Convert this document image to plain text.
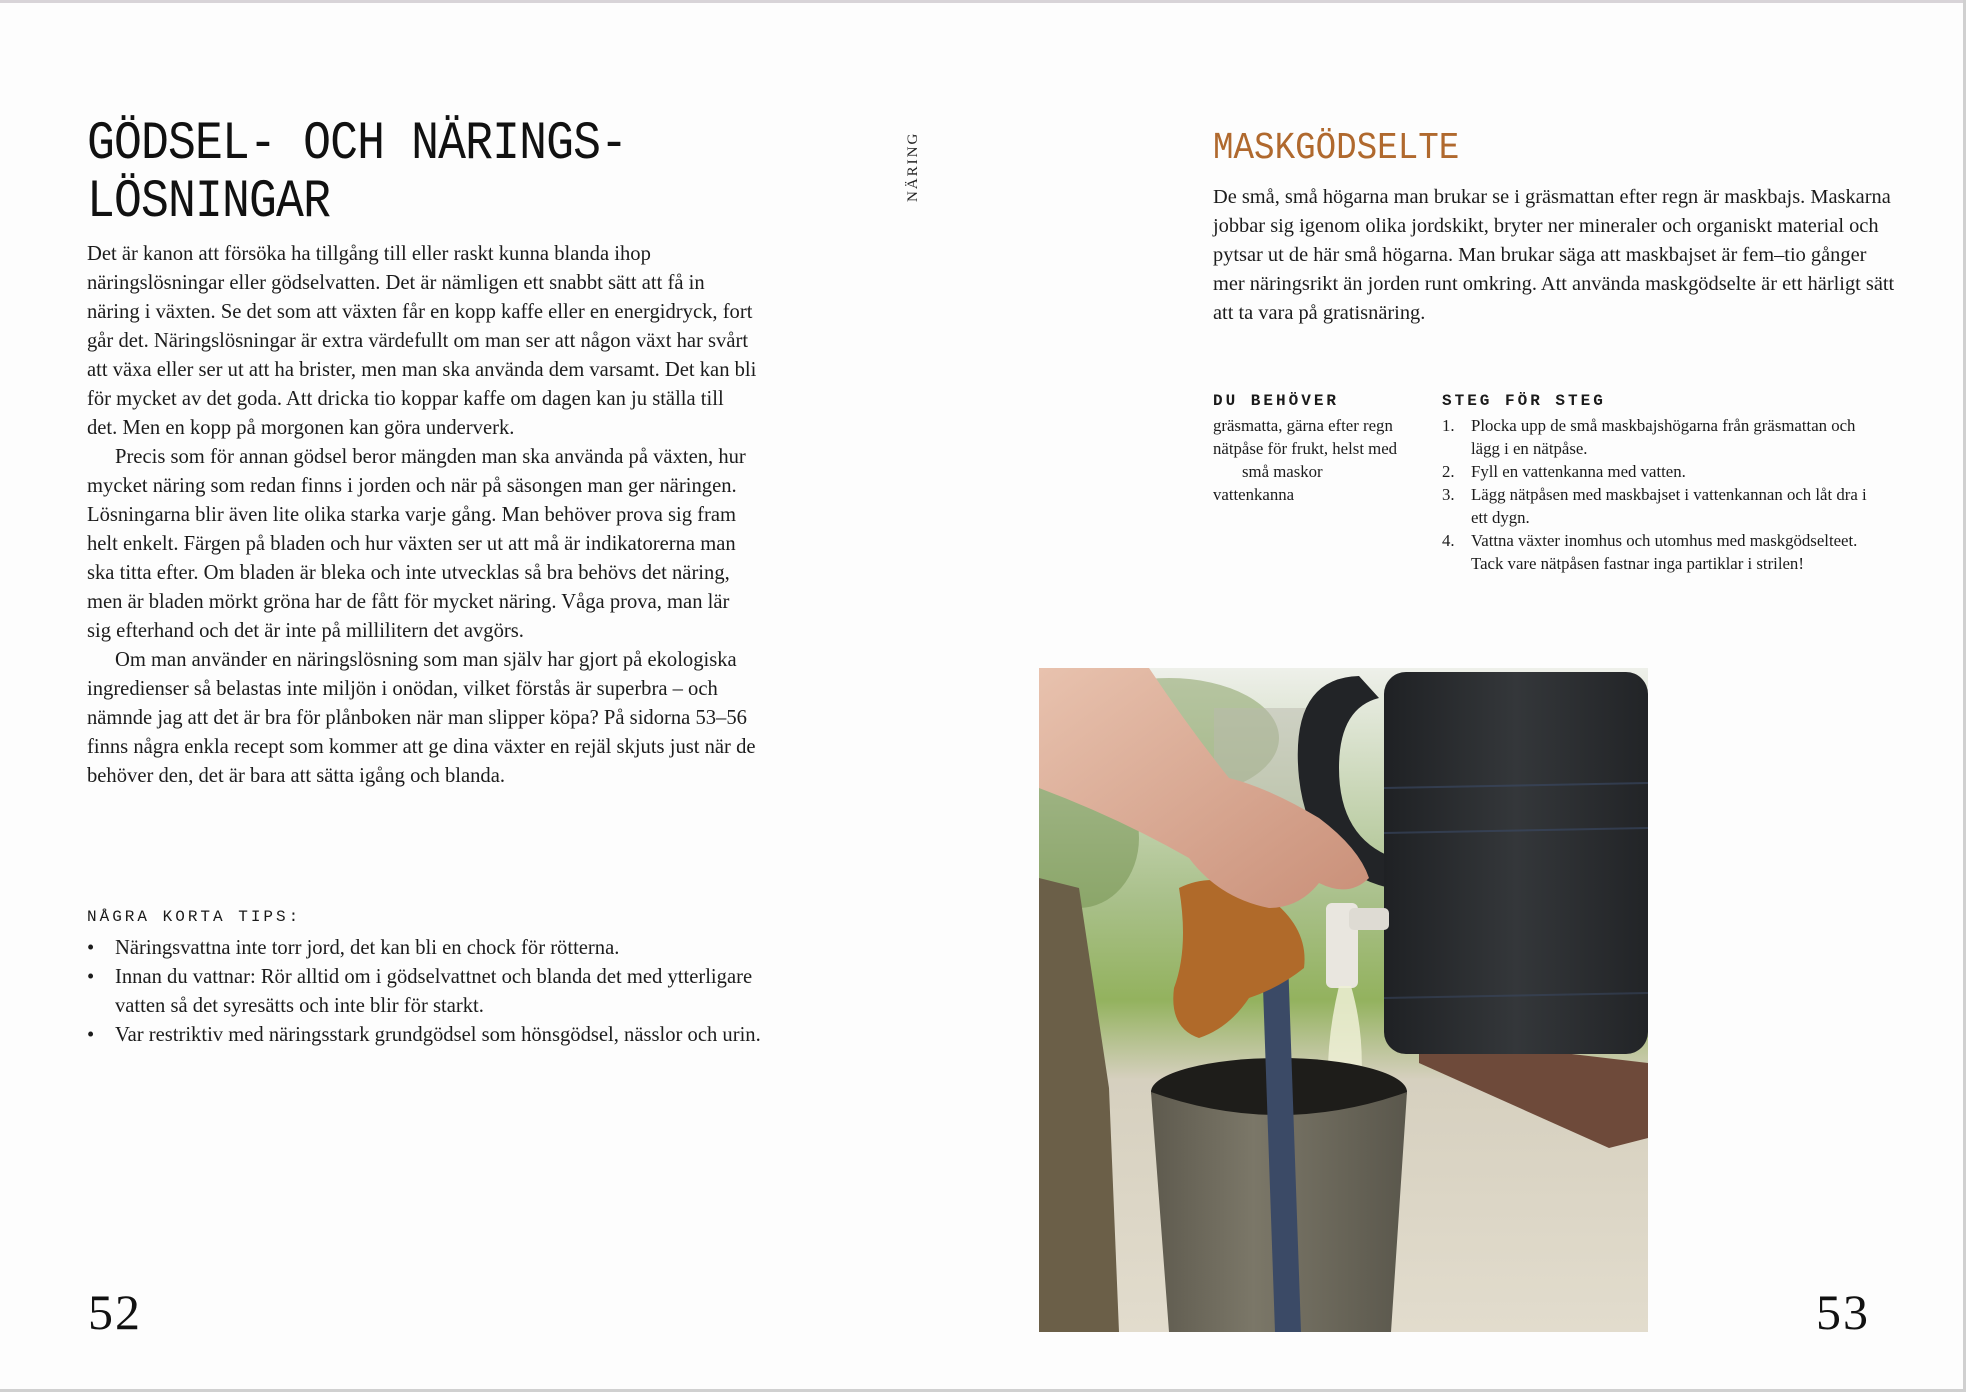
GÖDSEL- OCH NÄRINGS-
LÖSNINGAR

Det är kanon att försöka ha tillgång till eller raskt kunna blanda ihop näringslösningar eller gödselvatten. Det är nämligen ett snabbt sätt att få in näring i växten. Se det som att växten får en kopp kaffe eller en energidryck, fort går det. Näringslösningar är extra värdefullt om man ser att någon växt har svårt att växa eller ser ut att ha brister, men man ska använda dem varsamt. Det kan bli för mycket av det goda. Att dricka tio koppar kaffe om dagen kan ju ställa till det. Men en kopp på morgonen kan göra underverk.

Precis som för annan gödsel beror mängden man ska använda på växten, hur mycket näring som redan finns i jorden och när på säsongen man ger näringen. Lösningarna blir även lite olika starka varje gång. Man behöver prova sig fram helt enkelt. Färgen på bladen och hur växten ser ut att må är indikatorerna man ska titta efter. Om bladen är bleka och inte utvecklas så bra behövs det näring, men är bladen mörkt gröna har de fått för mycket näring. Våga prova, man lär sig efterhand och det är inte på millilitern det avgörs.

Om man använder en näringslösning som man själv har gjort på ekologiska ingredienser så belastas inte miljön i onödan, vilket förstås är superbra – och nämnde jag att det är bra för plånboken när man slipper köpa? På sidorna 53–56 finns några enkla recept som kommer att ge dina växter en rejäl skjuts just när de behöver den, det är bara att sätta igång och blanda.

NÅGRA KORTA TIPS:
• Näringsvattna inte torr jord, det kan bli en chock för rötterna.
• Innan du vattnar: Rör alltid om i gödselvattnet och blanda det med ytterligare vatten så det syresätts och inte blir för starkt.
• Var restriktiv med näringsstark grundgödsel som hönsgödsel, nässlor och urin.
52
NÄRING	MASKGÖDSELTE

De små, små högarna man brukar se i gräsmattan efter regn är maskbajs. Maskarna jobbar sig igenom olika jordskikt, bryter ner mineraler och organiskt material och pytsar ut de här små högarna. Man brukar säga att maskbajset är fem–tio gånger mer näringsrikt än jorden runt omkring. Att använda maskgödselte är ett härligt sätt att ta vara på gratisnäring.

DU BEHÖVER
gräsmatta, gärna efter regn
nätpåse för frukt, helst med små maskor
vattenkanna
STEG FÖR STEG
1. Plocka upp de små maskbajshögarna från gräsmattan och lägg i en nätpåse.
2. Fyll en vattenkanna med vatten.
3. Lägg nätpåsen med maskbajset i vattenkannan och låt dra i ett dygn.
4. Vattna växter inomhus och utomhus med maskgödselteet. Tack vare nätpåsen fastnar inga partiklar i strilen!
53
